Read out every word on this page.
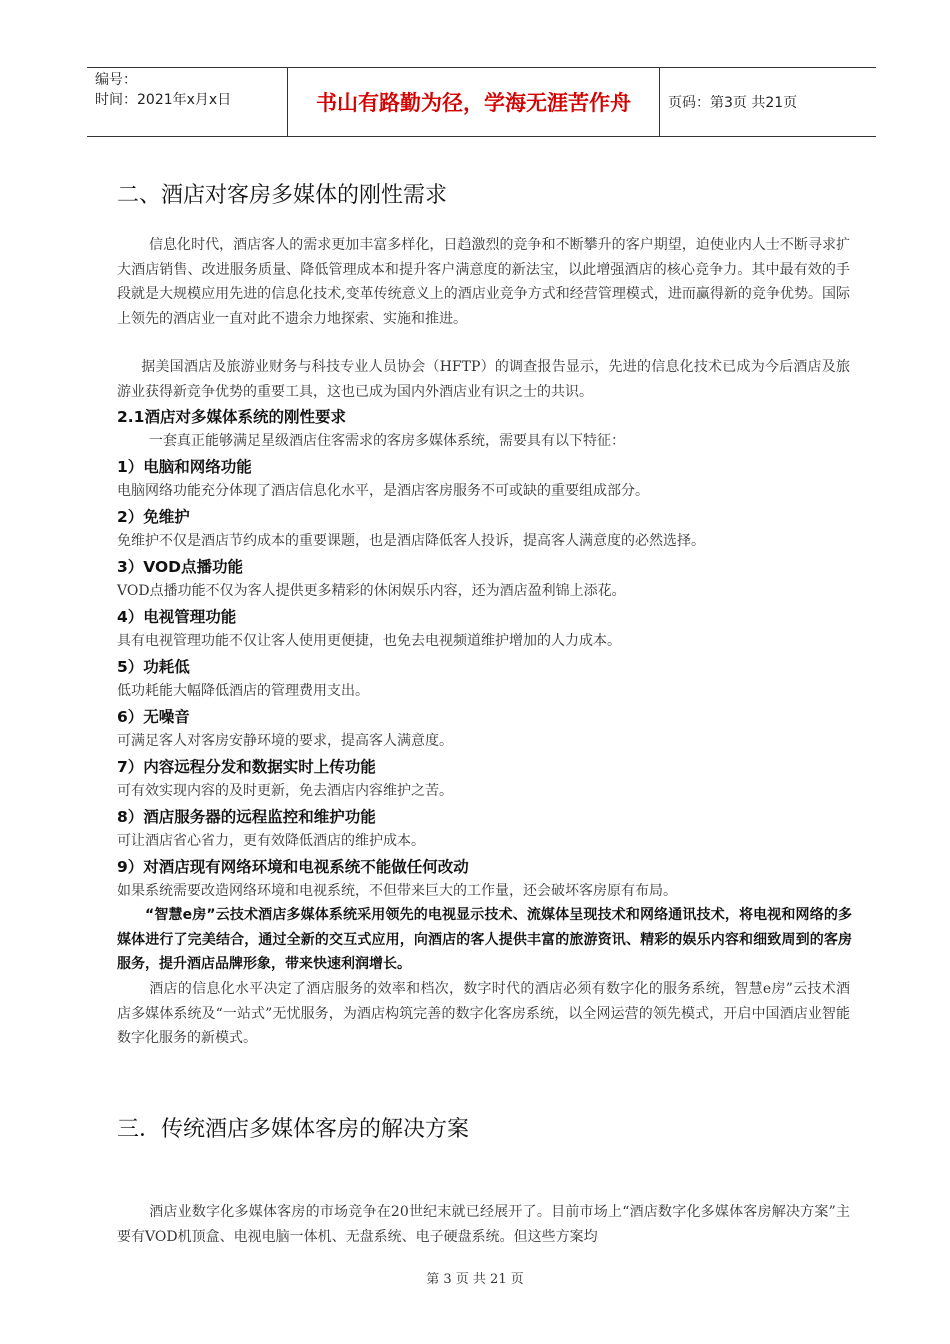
编号：
时间：2021年x月x日	书山有路勤为径，学海无涯苦作舟	页码：第3页 共21页
二、酒店对客房多媒体的刚性需求
信息化时代，酒店客人的需求更加丰富多样化，日趋激烈的竞争和不断攀升的客户期望，迫使业内人士不断寻求扩大酒店销售、改进服务质量、降低管理成本和提升客户满意度的新法宝，以此增强酒店的核心竞争力。其中最有效的手段就是大规模应用先进的信息化技术,变革传统意义上的酒店业竞争方式和经营管理模式，进而赢得新的竞争优势。国际上领先的酒店业一直对此不遗余力地探索、实施和推进。
据美国酒店及旅游业财务与科技专业人员协会（HFTP）的调查报告显示，先进的信息化技术已成为今后酒店及旅游业获得新竞争优势的重要工具，这也已成为国内外酒店业有识之士的共识。
2.1酒店对多媒体系统的刚性要求
一套真正能够满足星级酒店住客需求的客房多媒体系统，需要具有以下特征：
1）电脑和网络功能
电脑网络功能充分体现了酒店信息化水平，是酒店客房服务不可或缺的重要组成部分。
2）免维护
免维护不仅是酒店节约成本的重要课题，也是酒店降低客人投诉，提高客人满意度的必然选择。
3）VOD点播功能
VOD点播功能不仅为客人提供更多精彩的休闲娱乐内容，还为酒店盈利锦上添花。
4）电视管理功能
具有电视管理功能不仅让客人使用更便捷，也免去电视频道维护增加的人力成本。
5）功耗低
低功耗能大幅降低酒店的管理费用支出。
6）无噪音
可满足客人对客房安静环境的要求，提高客人满意度。
7）内容远程分发和数据实时上传功能
可有效实现内容的及时更新，免去酒店内容维护之苦。
8）酒店服务器的远程监控和维护功能
可让酒店省心省力，更有效降低酒店的维护成本。
9）对酒店现有网络环境和电视系统不能做任何改动
如果系统需要改造网络环境和电视系统，不但带来巨大的工作量，还会破坏客房原有布局。
“智慧e房”云技术酒店多媒体系统采用领先的电视显示技术、流媒体呈现技术和网络通讯技术，将电视和网络的多媒体进行了完美结合，通过全新的交互式应用，向酒店的客人提供丰富的旅游资讯、精彩的娱乐内容和细致周到的客房服务，提升酒店品牌形象，带来快速利润增长。
酒店的信息化水平决定了酒店服务的效率和档次，数字时代的酒店必须有数字化的服务系统，智慧e房”云技术酒店多媒体系统及“一站式”无忧服务，为酒店构筑完善的数字化客房系统，以全网运营的领先模式，开启中国酒店业智能数字化服务的新模式。
三．传统酒店多媒体客房的解决方案
酒店业数字化多媒体客房的市场竞争在20世纪末就已经展开了。目前市场上“酒店数字化多媒体客房解决方案”主要有VOD机顶盒、电视电脑一体机、无盘系统、电子硬盘系统。但这些方案均
第 3 页 共 21 页
